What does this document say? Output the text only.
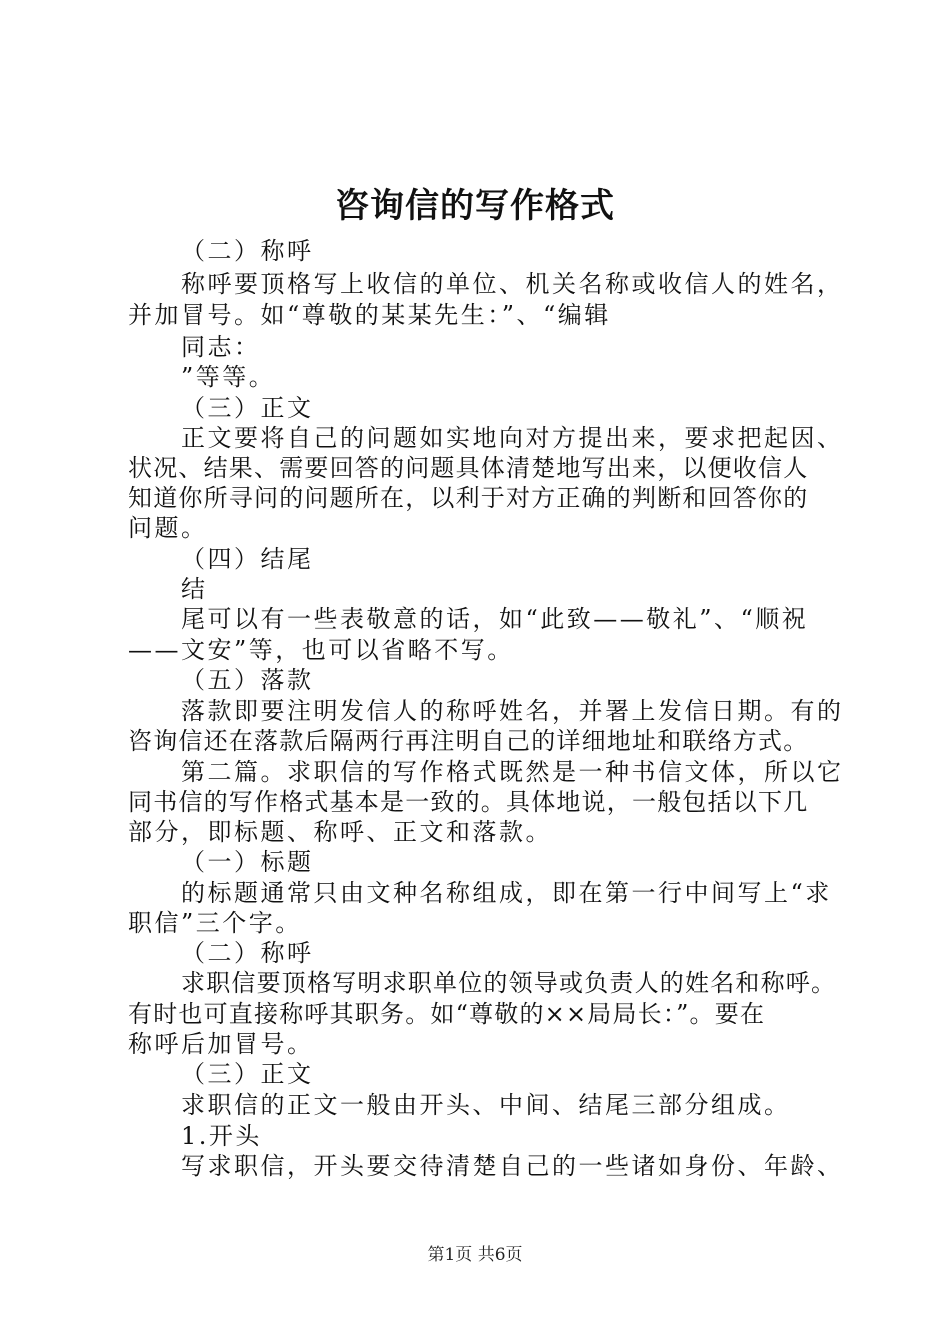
咨询信的写作格式
（二）称呼
称呼要顶格写上收信的单位、机关名称或收信人的姓名，
并加冒号。如“尊敬的某某先生：”、“编辑
同志：
”等等。
（三）正文
正文要将自己的问题如实地向对方提出来，要求把起因、
状况、结果、需要回答的问题具体清楚地写出来，以便收信人
知道你所寻问的问题所在，以利于对方正确的判断和回答你的
问题。
（四）结尾
结
尾可以有一些表敬意的话，如“此致——敬礼”、“顺祝
——文安”等，也可以省略不写。
（五）落款
落款即要注明发信人的称呼姓名，并署上发信日期。有的
咨询信还在落款后隔两行再注明自己的详细地址和联络方式。
第二篇。求职信的写作格式既然是一种书信文体，所以它
同书信的写作格式基本是一致的。具体地说，一般包括以下几
部分，即标题、称呼、正文和落款。
（一）标题
的标题通常只由文种名称组成，即在第一行中间写上“求
职信”三个字。
（二）称呼
求职信要顶格写明求职单位的领导或负责人的姓名和称呼。
有时也可直接称呼其职务。如“尊敬的××局局长：”。要在
称呼后加冒号。
（三）正文
求职信的正文一般由开头、中间、结尾三部分组成。
1.开头
写求职信，开头要交待清楚自己的一些诸如身份、年龄、
第1页 共6页
